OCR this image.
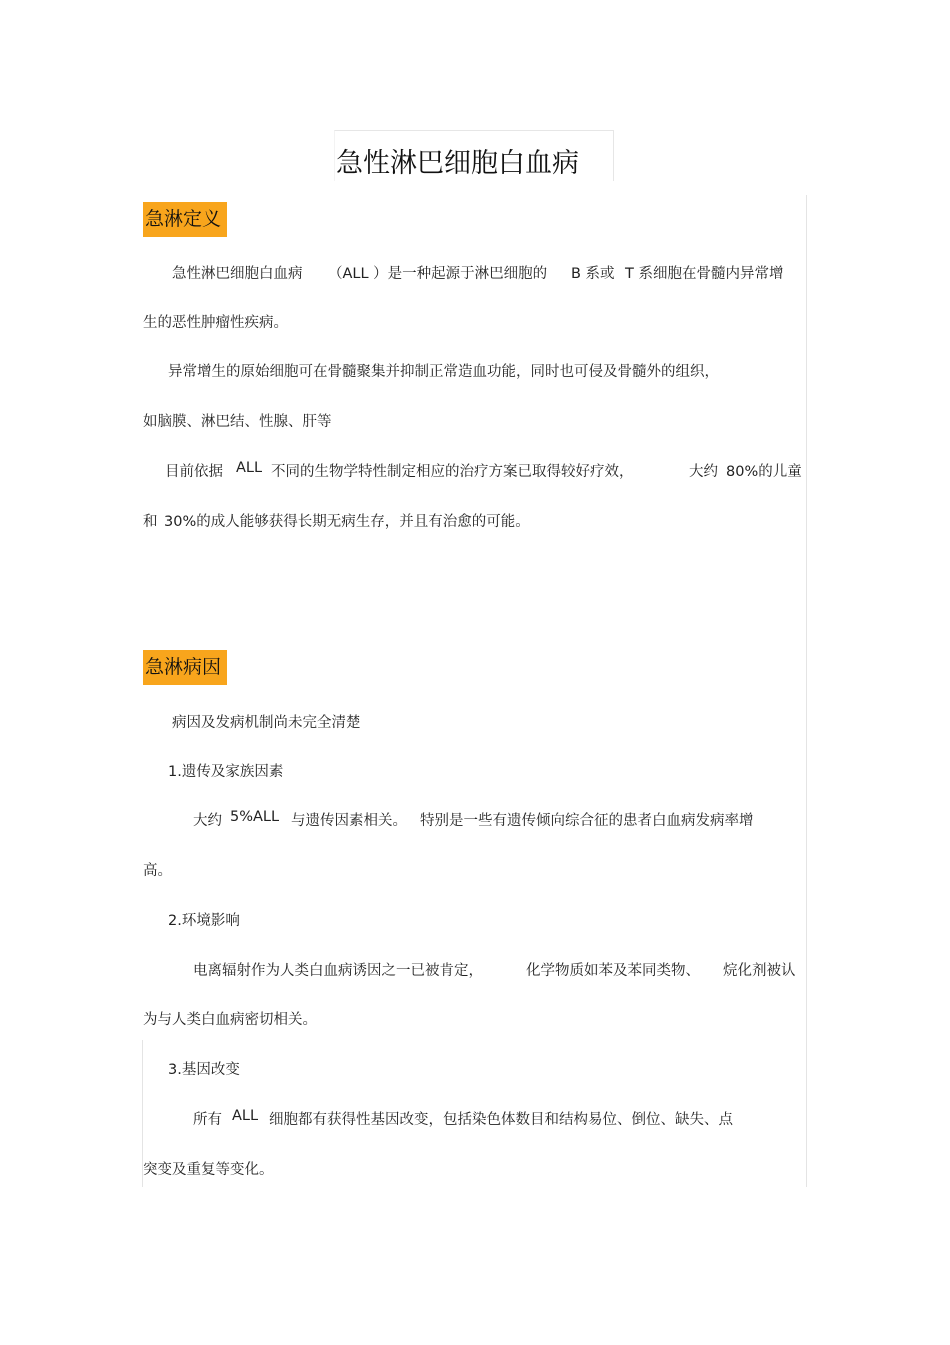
急性淋巴细胞白血病
急淋定义
急性淋巴细胞白血病 （ALL ）是一种起源于淋巴细胞的 B 系或 T 系细胞在骨髓内异常增
生的恶性肿瘤性疾病。
异常增生的原始细胞可在骨髓聚集并抑制正常造血功能，同时也可侵及骨髓外的组织，
如脑膜、淋巴结、性腺、肝等
目前依据 ALL 不同的生物学特性制定相应的治疗方案已取得较好疗效，	大约 80%的儿童
和 30%的成人能够获得长期无病生存，并且有治愈的可能。
急淋病因
病因及发病机制尚未完全清楚
1.遗传及家族因素
大约 5%ALL 与遗传因素相关。 特别是一些有遗传倾向综合征的患者白血病发病率增
高。
2.环境影响
电离辐射作为人类白血病诱因之一已被肯定，	化学物质如苯及苯同类物、 烷化剂被认
为与人类白血病密切相关。
3.基因改变
所有 ALL 细胞都有获得性基因改变，包括染色体数目和结构易位、倒位、缺失、点
突变及重复等变化。
